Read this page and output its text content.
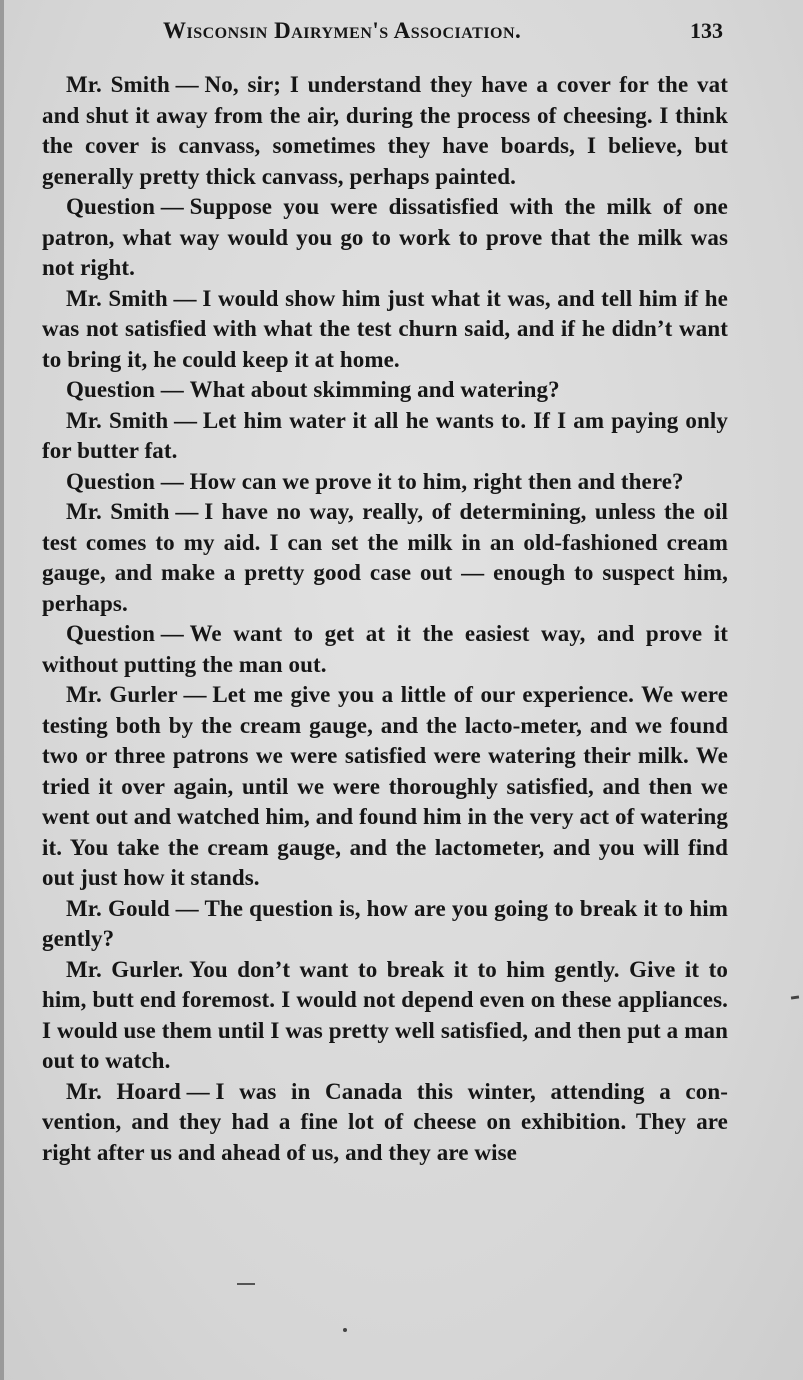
Wisconsin Dairymen's Association.	133

Mr. Smith — No, sir; I understand they have a cover for the vat and shut it away from the air, during the process of cheesing. I think the cover is canvass, sometimes they have boards, I believe, but generally pretty thick canvass, perhaps painted.

Question — Suppose you were dissatisfied with the milk of one patron, what way would you go to work to prove that the milk was not right.

Mr. Smith — I would show him just what it was, and tell him if he was not satisfied with what the test churn said, and if he didn’t want to bring it, he could keep it at home.

Question — What about skimming and watering?

Mr. Smith — Let him water it all he wants to. If I am paying only for butter fat.

Question — How can we prove it to him, right then and there?

Mr. Smith — I have no way, really, of determining, unless the oil test comes to my aid. I can set the milk in an old-fashioned cream gauge, and make a pretty good case out — enough to suspect him, perhaps.

Question — We want to get at it the easiest way, and prove it without putting the man out.

Mr. Gurler — Let me give you a little of our experience. We were testing both by the cream gauge, and the lacto-meter, and we found two or three patrons we were satisfied were watering their milk. We tried it over again, until we were thoroughly satisfied, and then we went out and watched him, and found him in the very act of watering it. You take the cream gauge, and the lactometer, and you will find out just how it stands.

Mr. Gould — The question is, how are you going to break it to him gently?

Mr. Gurler. You don’t want to break it to him gently. Give it to him, butt end foremost. I would not depend even on these appliances. I would use them until I was pretty well satisfied, and then put a man out to watch.

Mr. Hoard — I was in Canada this winter, attending a con-vention, and they had a fine lot of cheese on exhibition. They are right after us and ahead of us, and they are wise
